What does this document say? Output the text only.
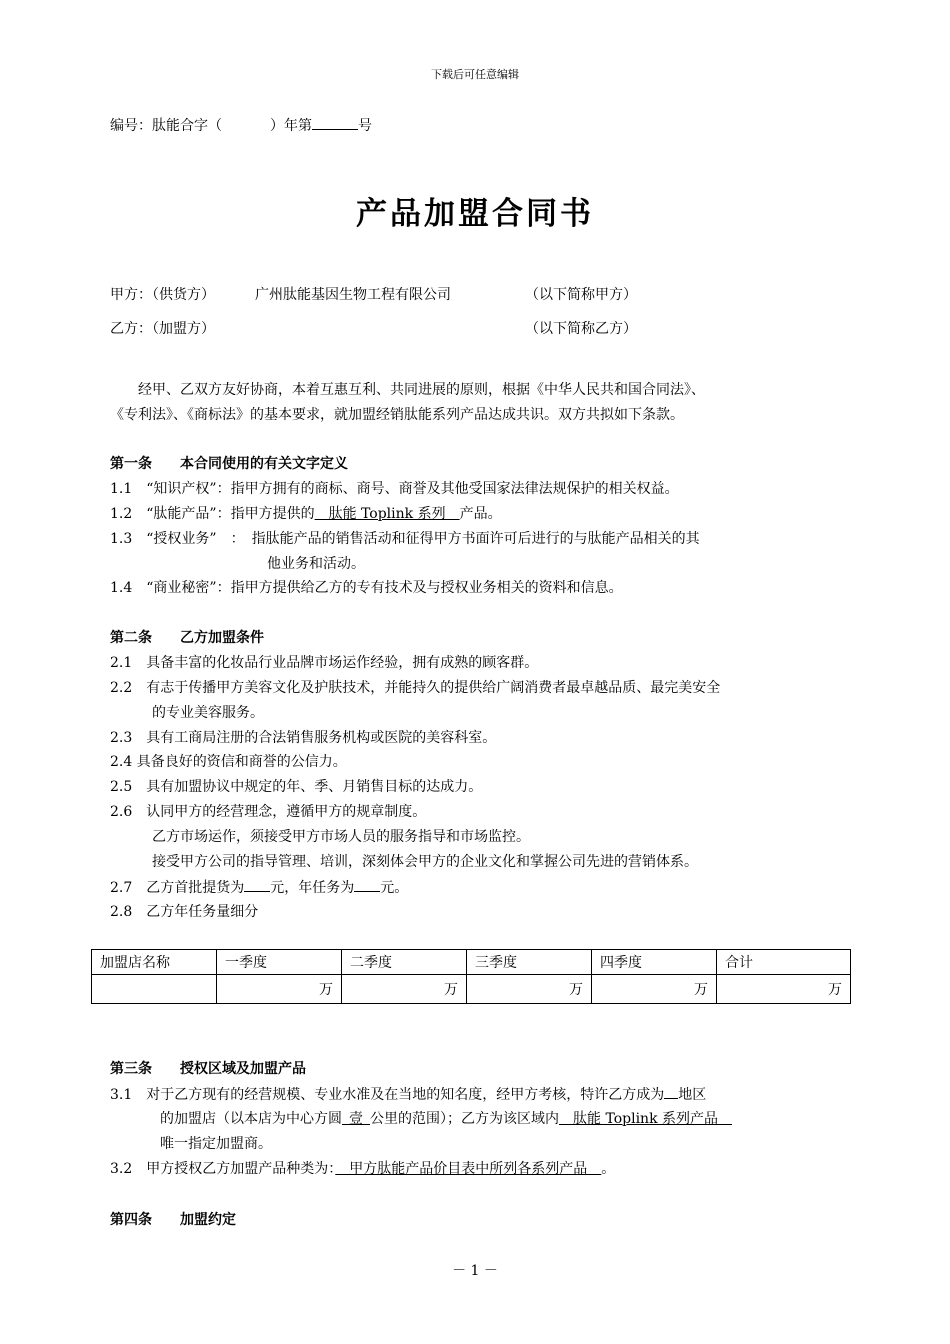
下载后可任意编辑
编号：肽能合字（	）年第	号
产品加盟合同书
甲方：（供货方）	广州肽能基因生物工程有限公司	（以下简称甲方）
乙方：（加盟方）	（以下简称乙方）
经甲、乙双方友好协商，本着互惠互利、共同进展的原则，根据《中华人民共和国合同法》、
《专利法》、《商标法》的基本要求，就加盟经销肽能系列产品达成共识。双方共拟如下条款。
第一条　　本合同使用的有关文字定义
1.1　“知识产权”：指甲方拥有的商标、商号、商誉及其他受国家法律法规保护的相关权益。
1.2　“肽能产品”：指甲方提供的　肽能 Toplink 系列　产品。
1.3　“授权业务”　：　指肽能产品的销售活动和征得甲方书面许可后进行的与肽能产品相关的其
他业务和活动。
1.4　“商业秘密”：指甲方提供给乙方的专有技术及与授权业务相关的资料和信息。
第二条　　乙方加盟条件
2.1　具备丰富的化妆品行业品牌市场运作经验，拥有成熟的顾客群。
2.2　有志于传播甲方美容文化及护肤技术，并能持久的提供给广阔消费者最卓越品质、最完美安全
的专业美容服务。
2.3　具有工商局注册的合法销售服务机构或医院的美容科室。
2.4 具备良好的资信和商誉的公信力。
2.5　具有加盟协议中规定的年、季、月销售目标的达成力。
2.6　认同甲方的经营理念，遵循甲方的规章制度。
乙方市场运作，须接受甲方市场人员的服务指导和市场监控。
接受甲方公司的指导管理、培训，深刻体会甲方的企业文化和掌握公司先进的营销体系。
2.7　乙方首批提货为 元，年任务为 元。
2.8　乙方年任务量细分
加盟店名称	一季度	二季度	三季度	四季度	合计
	万	万	万	万	万
第三条　　授权区域及加盟产品
3.1　对于乙方现有的经营规模、专业水准及在当地的知名度，经甲方考核，特许乙方成为 地区
的加盟店（以本店为中心方圆  壹  公里的范围）；乙方为该区域内　肽能 Toplink 系列产品　
唯一指定加盟商。
3.2　甲方授权乙方加盟产品种类为：　甲方肽能产品价目表中所列各系列产品　。
第四条　　加盟约定
－ 1 －
